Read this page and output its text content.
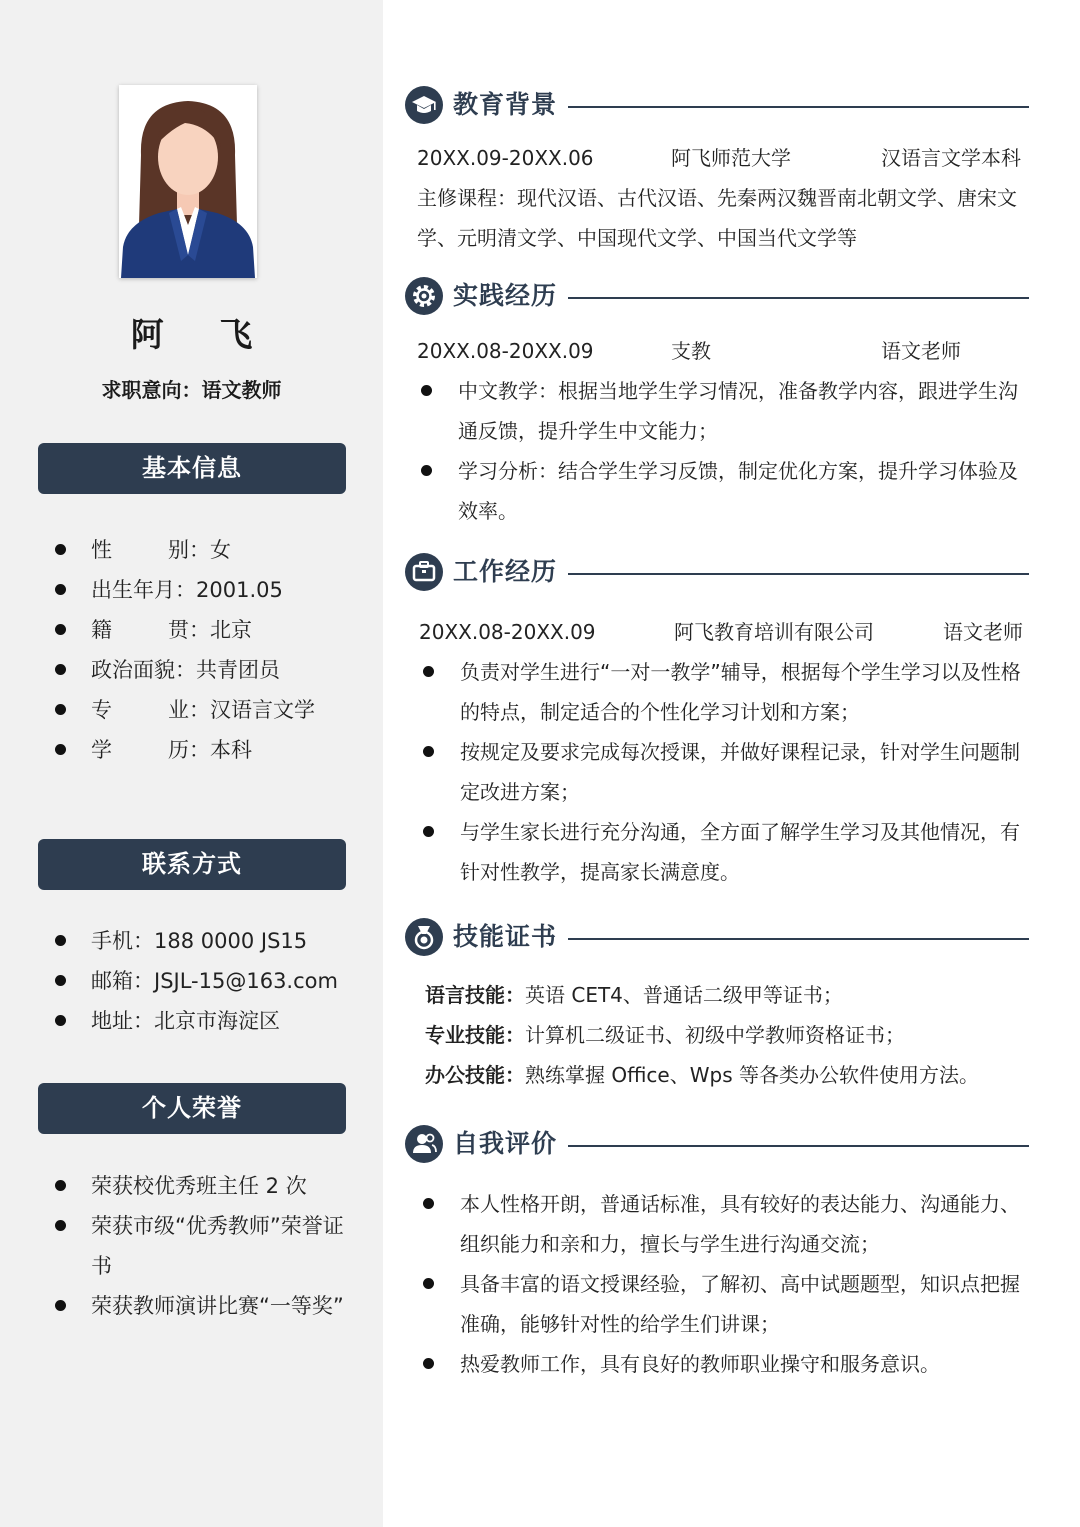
阿 飞
求职意向：语文教师
基本信息
性	别 ：女
出生年月：2001.05
籍	贯 ：北京
政治面貌：共青团员
专	业 ：汉语言文学
学	历 ：本科
联系方式
手机：188 0000 JS15
邮箱：JSJL-15@163.com
地址：北京市海淀区
个人荣誉
荣获校优秀班主任 2 次
荣获市级“优秀教师”荣誉证书
荣获教师演讲比赛“一等奖”
教育背景
20XX.09-20XX.06	阿飞师范大学	汉语言文学本科
主修课程：现代汉语、古代汉语、先秦两汉魏晋南北朝文学、唐宋文学、元明清文学、中国现代文学、中国当代文学等
实践经历
20XX.08-20XX.09	支教	语文老师
中文教学：根据当地学生学习情况，准备教学内容，跟进学生沟通反馈，提升学生中文能力；
学习分析：结合学生学习反馈，制定优化方案，提升学习体验及效率。
工作经历
20XX.08-20XX.09	阿飞教育培训有限公司	语文老师
负责对学生进行“一对一教学”辅导，根据每个学生学习以及性格的特点，制定适合的个性化学习计划和方案；
按规定及要求完成每次授课，并做好课程记录，针对学生问题制定改进方案；
与学生家长进行充分沟通，全方面了解学生学习及其他情况，有针对性教学，提高家长满意度。
技能证书
语言技能：英语 CET4、普通话二级甲等证书；
专业技能：计算机二级证书、初级中学教师资格证书；
办公技能：熟练掌握 Office、Wps 等各类办公软件使用方法。
自我评价
本人性格开朗，普通话标准，具有较好的表达能力、沟通能力、组织能力和亲和力，擅长与学生进行沟通交流；
具备丰富的语文授课经验，了解初、高中试题题型，知识点把握准确，能够针对性的给学生们讲课；
热爱教师工作，具有良好的教师职业操守和服务意识。
